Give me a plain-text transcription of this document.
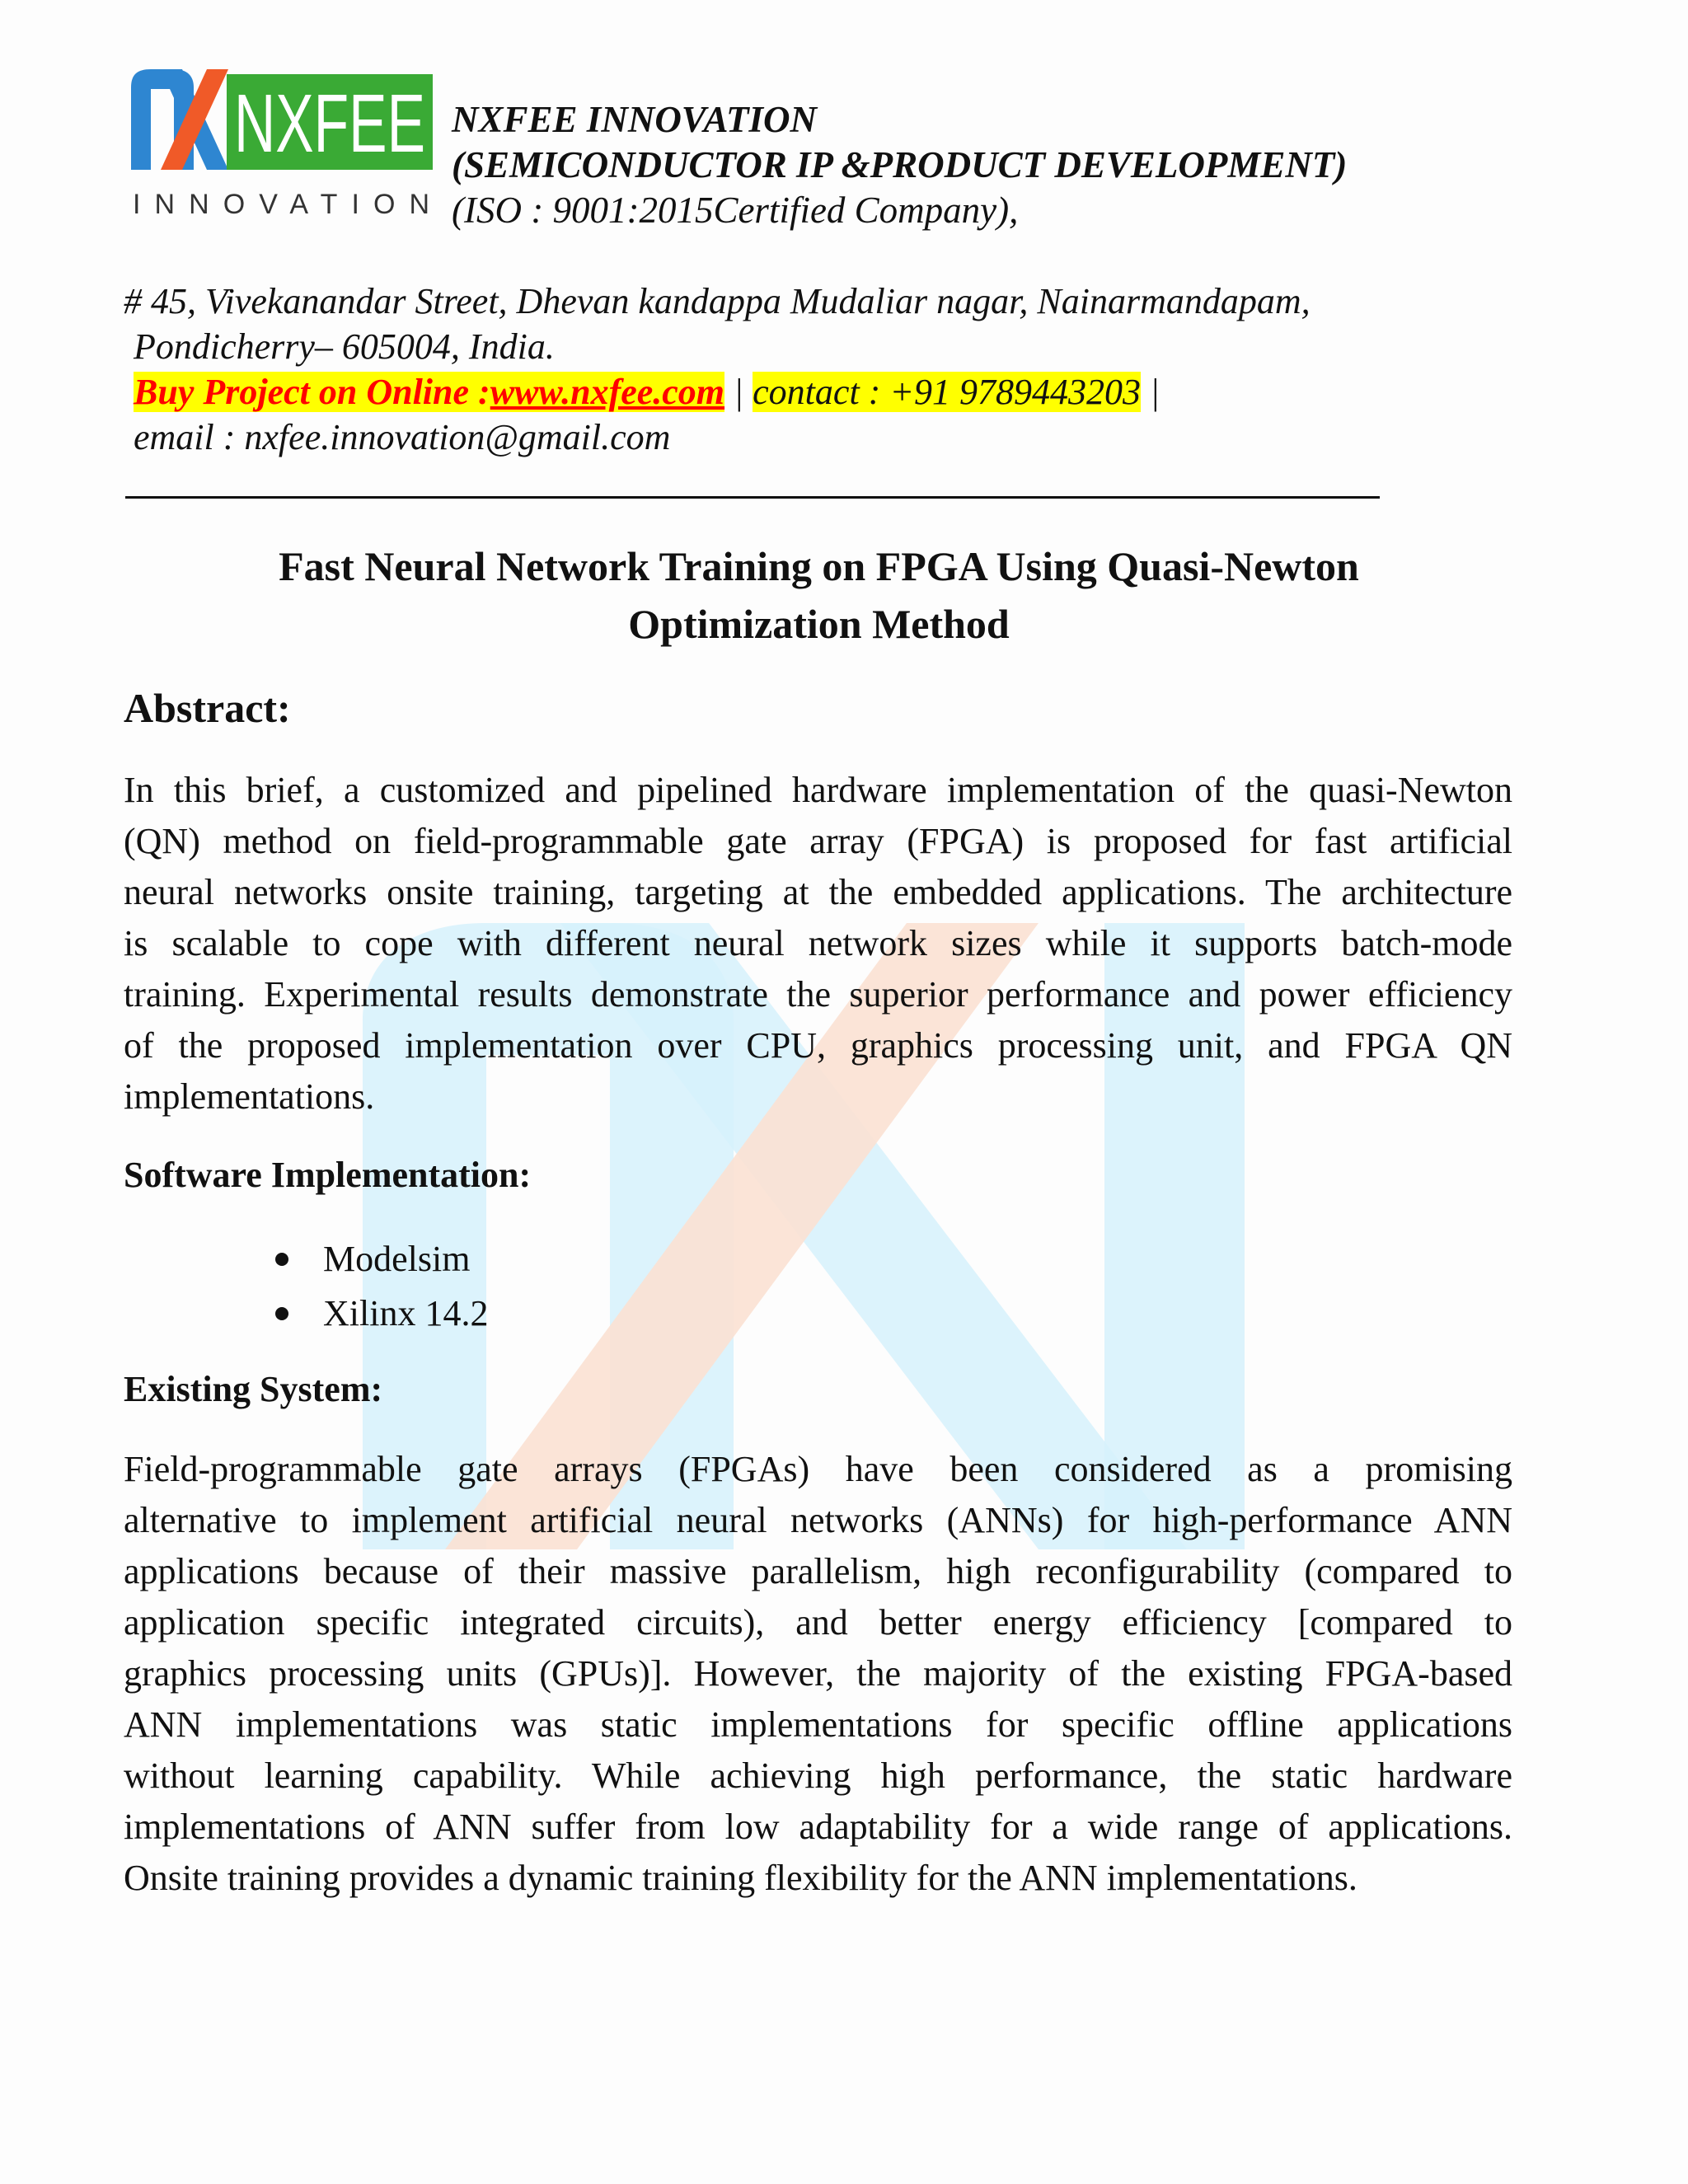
NXFEE
INNOVATION
NXFEE INNOVATION
(SEMICONDUCTOR IP &PRODUCT DEVELOPMENT)
(ISO : 9001:2015Certified Company),
# 45, Vivekanandar Street, Dhevan kandappa Mudaliar nagar, Nainarmandapam,
Pondicherry– 605004, India.
Buy Project on Online :www.nxfee.com | contact : +91 9789443203 |
email : nxfee.innovation@gmail.com
Fast Neural Network Training on FPGA Using Quasi-Newton
Optimization Method
Abstract:
In this brief, a customized and pipelined hardware implementation of the quasi-Newton
(QN) method on field-programmable gate array (FPGA) is proposed for fast artificial
neural networks onsite training, targeting at the embedded applications. The architecture
is scalable to cope with different neural network sizes while it supports batch-mode
training. Experimental results demonstrate the superior performance and power efficiency
of the proposed implementation over CPU, graphics processing unit, and FPGA QN
implementations.
Software Implementation:
Modelsim
Xilinx 14.2
Existing System:
Field-programmable gate arrays (FPGAs) have been considered as a promising
alternative to implement artificial neural networks (ANNs) for high-performance ANN
applications because of their massive parallelism, high reconfigurability (compared to
application specific integrated circuits), and better energy efficiency [compared to
graphics processing units (GPUs)]. However, the majority of the existing FPGA-based
ANN implementations was static implementations for specific offline applications
without learning capability. While achieving high performance, the static hardware
implementations of ANN suffer from low adaptability for a wide range of applications.
Onsite training provides a dynamic training flexibility for the ANN implementations.
